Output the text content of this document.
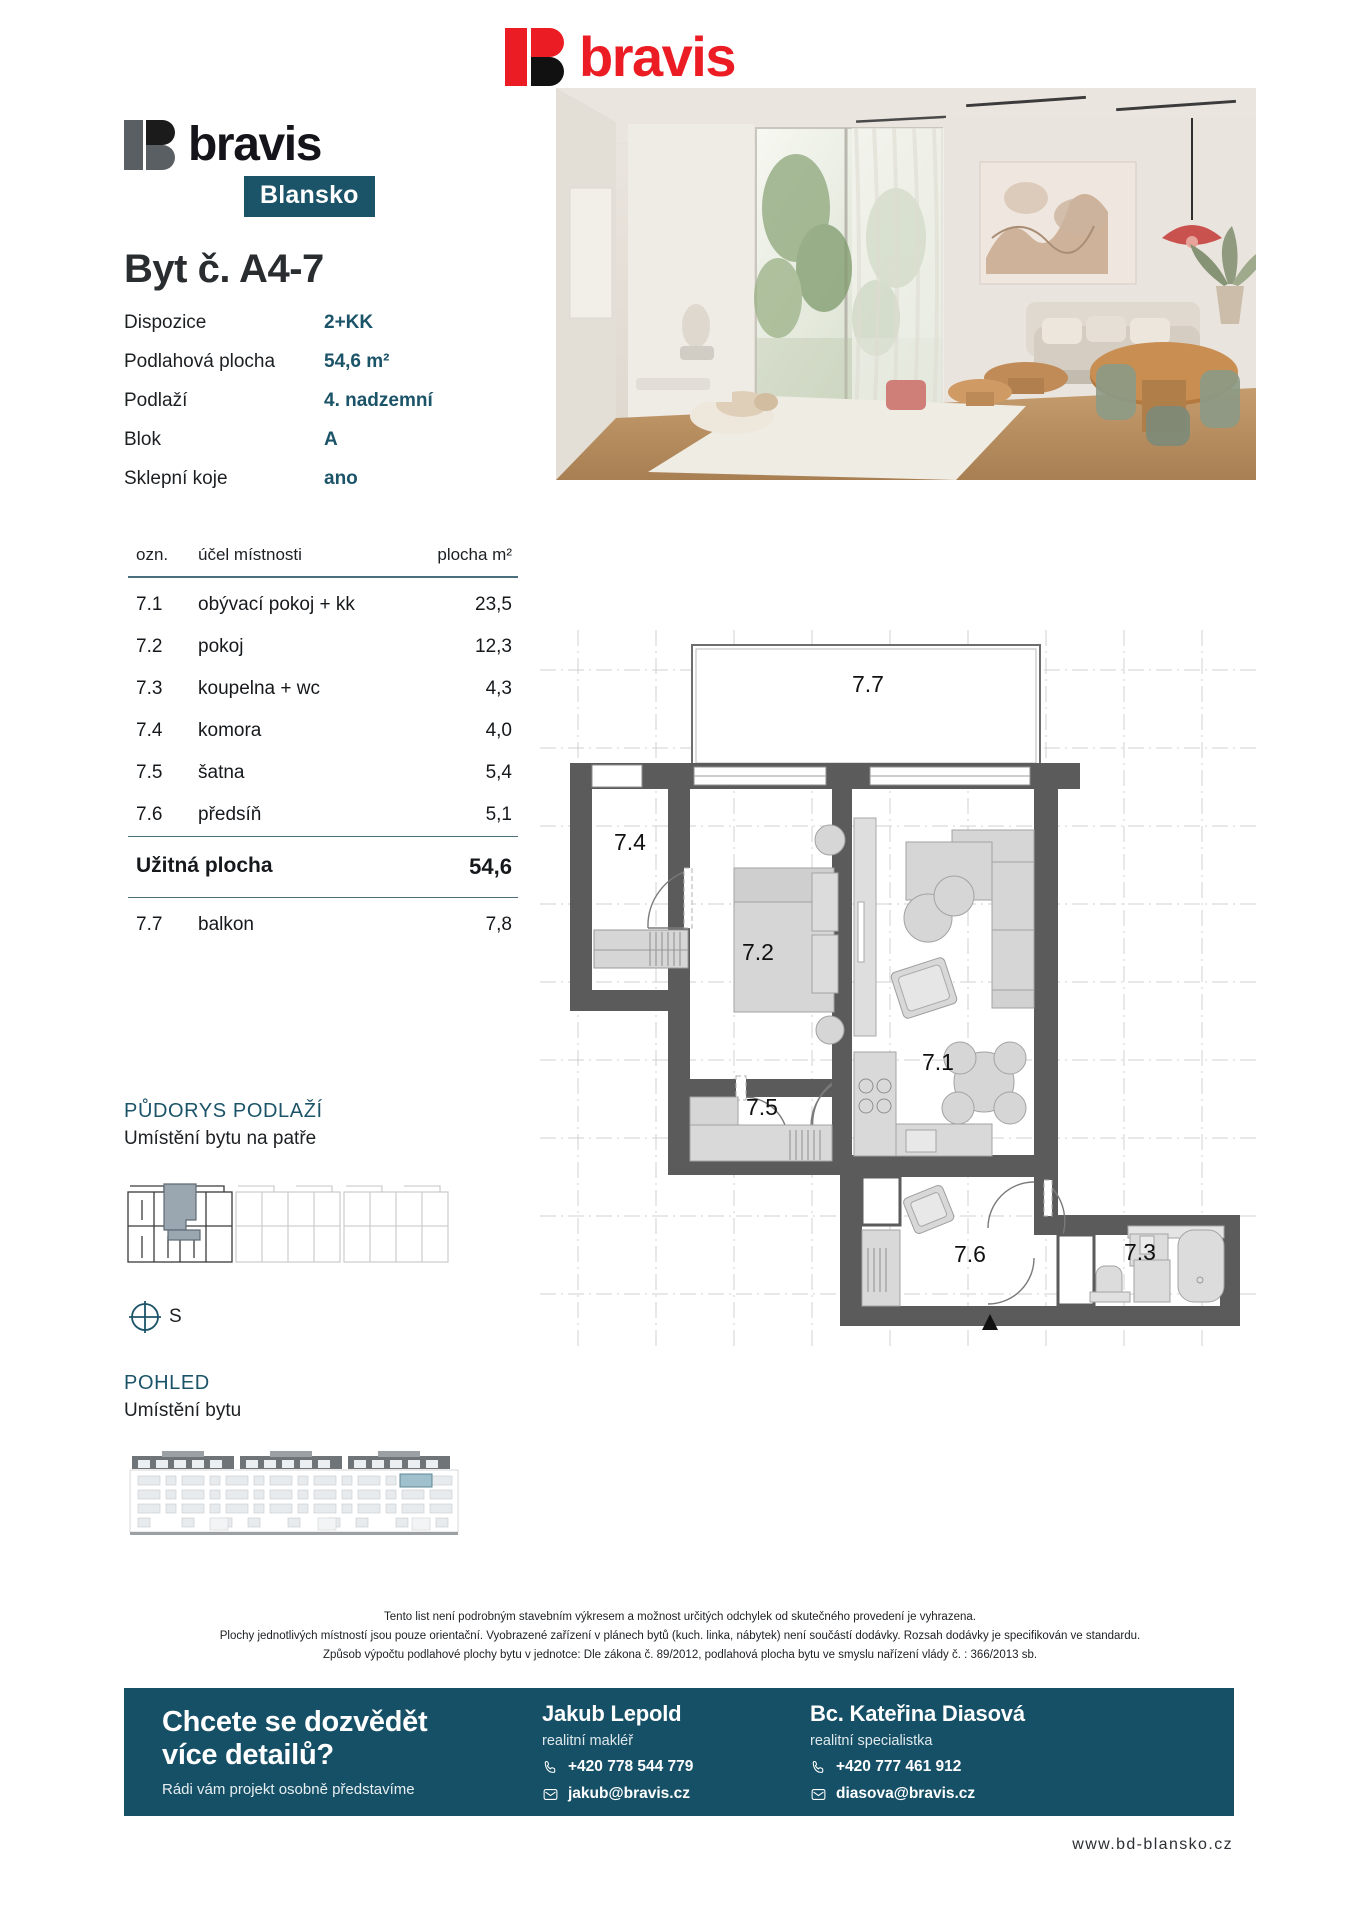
bravis
bravis
Blansko
Byt č. A4-7
Dispozice	2+KK
Podlahová plocha	54,6 m²
Podlaží	4. nadzemní
Blok	A
Sklepní koje	ano
ozn.	účel místnosti	plocha m²
7.1	obývací pokoj + kk	23,5
7.2	pokoj	12,3
7.3	koupelna + wc	4,3
7.4	komora	4,0
7.5	šatna	5,4
7.6	předsíň	5,1
Užitná plocha	54,6
7.7	balkon	7,8
7.7
7.4
7.2
7.1
7.5
7.6	7.3
PŮDORYS PODLAŽÍ
Umístění bytu na patře
S
POHLED
Umístění bytu
Tento list není podrobným stavebním výkresem a možnost určitých odchylek od skutečného provedení je vyhrazena.
Plochy jednotlivých místností jsou pouze orientační. Vyobrazené zařízení v plánech bytů (kuch. linka, nábytek) není součástí dodávky. Rozsah dodávky je specifikován ve standardu.
Způsob výpočtu podlahové plochy bytu v jednotce: Dle zákona č. 89/2012, podlahová plocha bytu ve smyslu nařízení vlády č. : 366/2013 sb.
Chcete se dozvědět
více detailů?
Rádi vám projekt osobně představíme
Jakub Lepold
realitní makléř
+420 778 544 779
jakub@bravis.cz
Bc. Kateřina Diasová
realitní specialistka
+420 777 461 912
diasova@bravis.cz
www.bd-blansko.cz
